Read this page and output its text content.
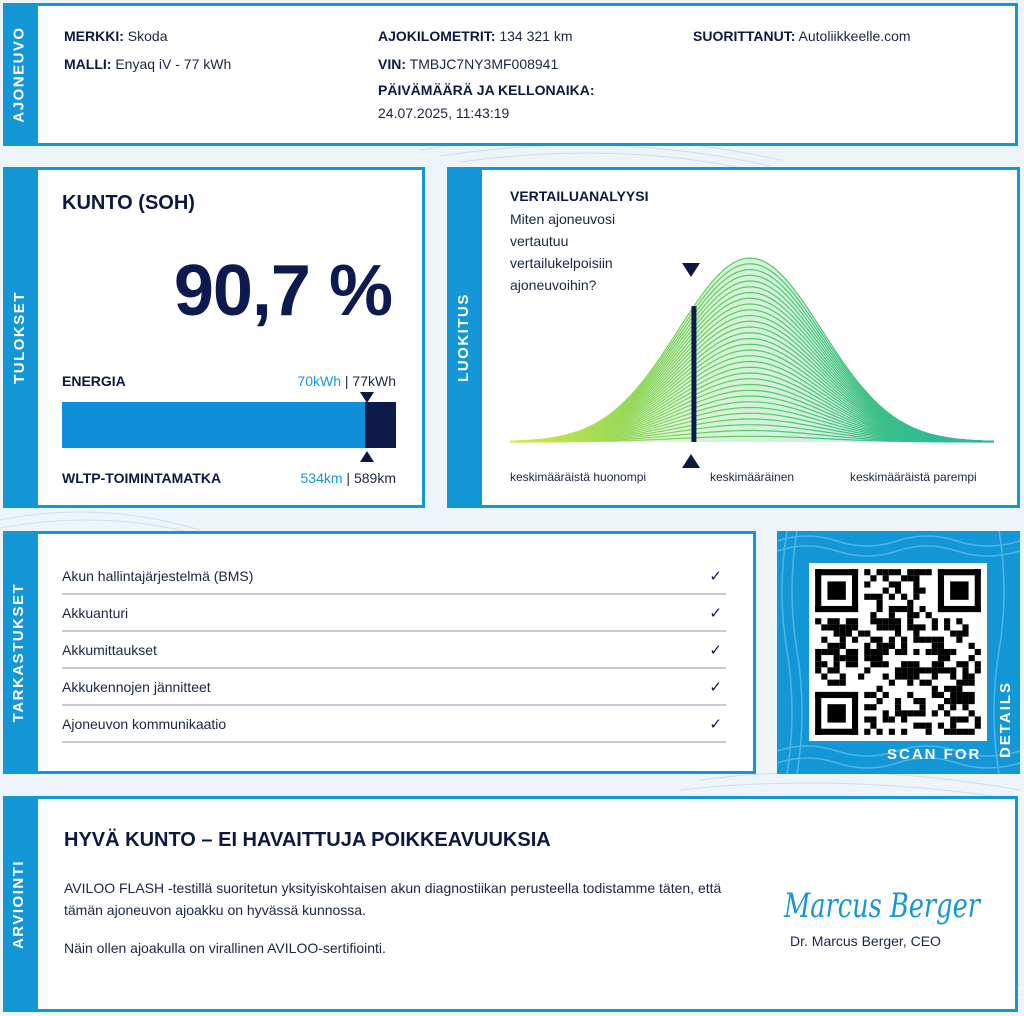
AJONEUVO	MERKKI: Skoda
MALLI: Enyaq iV - 77 kWh
AJOKILOMETRIT: 134 321 km
VIN: TMBJC7NY3MF008941
PÄIVÄMÄÄRÄ JA KELLONAIKA:
24.07.2025, 11:43:19
SUORITTANUT: Autoliikkeelle.com
TULOKSET
KUNTO (SOH)
90,7 %
ENERGIA	70kWh | 77kWh
WLTP-TOIMINTAMATKA	534km | 589km
LUOKITUS
VERTAILUANALYYSI
Miten ajoneuvosi vertautuu vertailukelpoisiin ajoneuvoihin?
keskimääräistä huonompi	keskimääräinen	keskimääräistä parempi
TARKASTUKSET
Akun hallintajärjestelmä (BMS)	✓
Akkuanturi	✓
Akkumittaukset	✓
Akkukennojen jännitteet	✓
Ajoneuvon kommunikaatio	✓
SCAN FOR DETAILS
ARVIOINTI
HYVÄ KUNTO – EI HAVAITTUJA POIKKEAVUUKSIA

AVILOO FLASH -testillä suoritetun yksityiskohtaisen akun diagnostiikan perusteella todistamme täten, että tämän ajoneuvon ajoakku on hyvässä kunnossa.

Näin ollen ajoakulla on virallinen AVILOO-sertifiointi.

Marcus Berger
Dr. Marcus Berger, CEO
